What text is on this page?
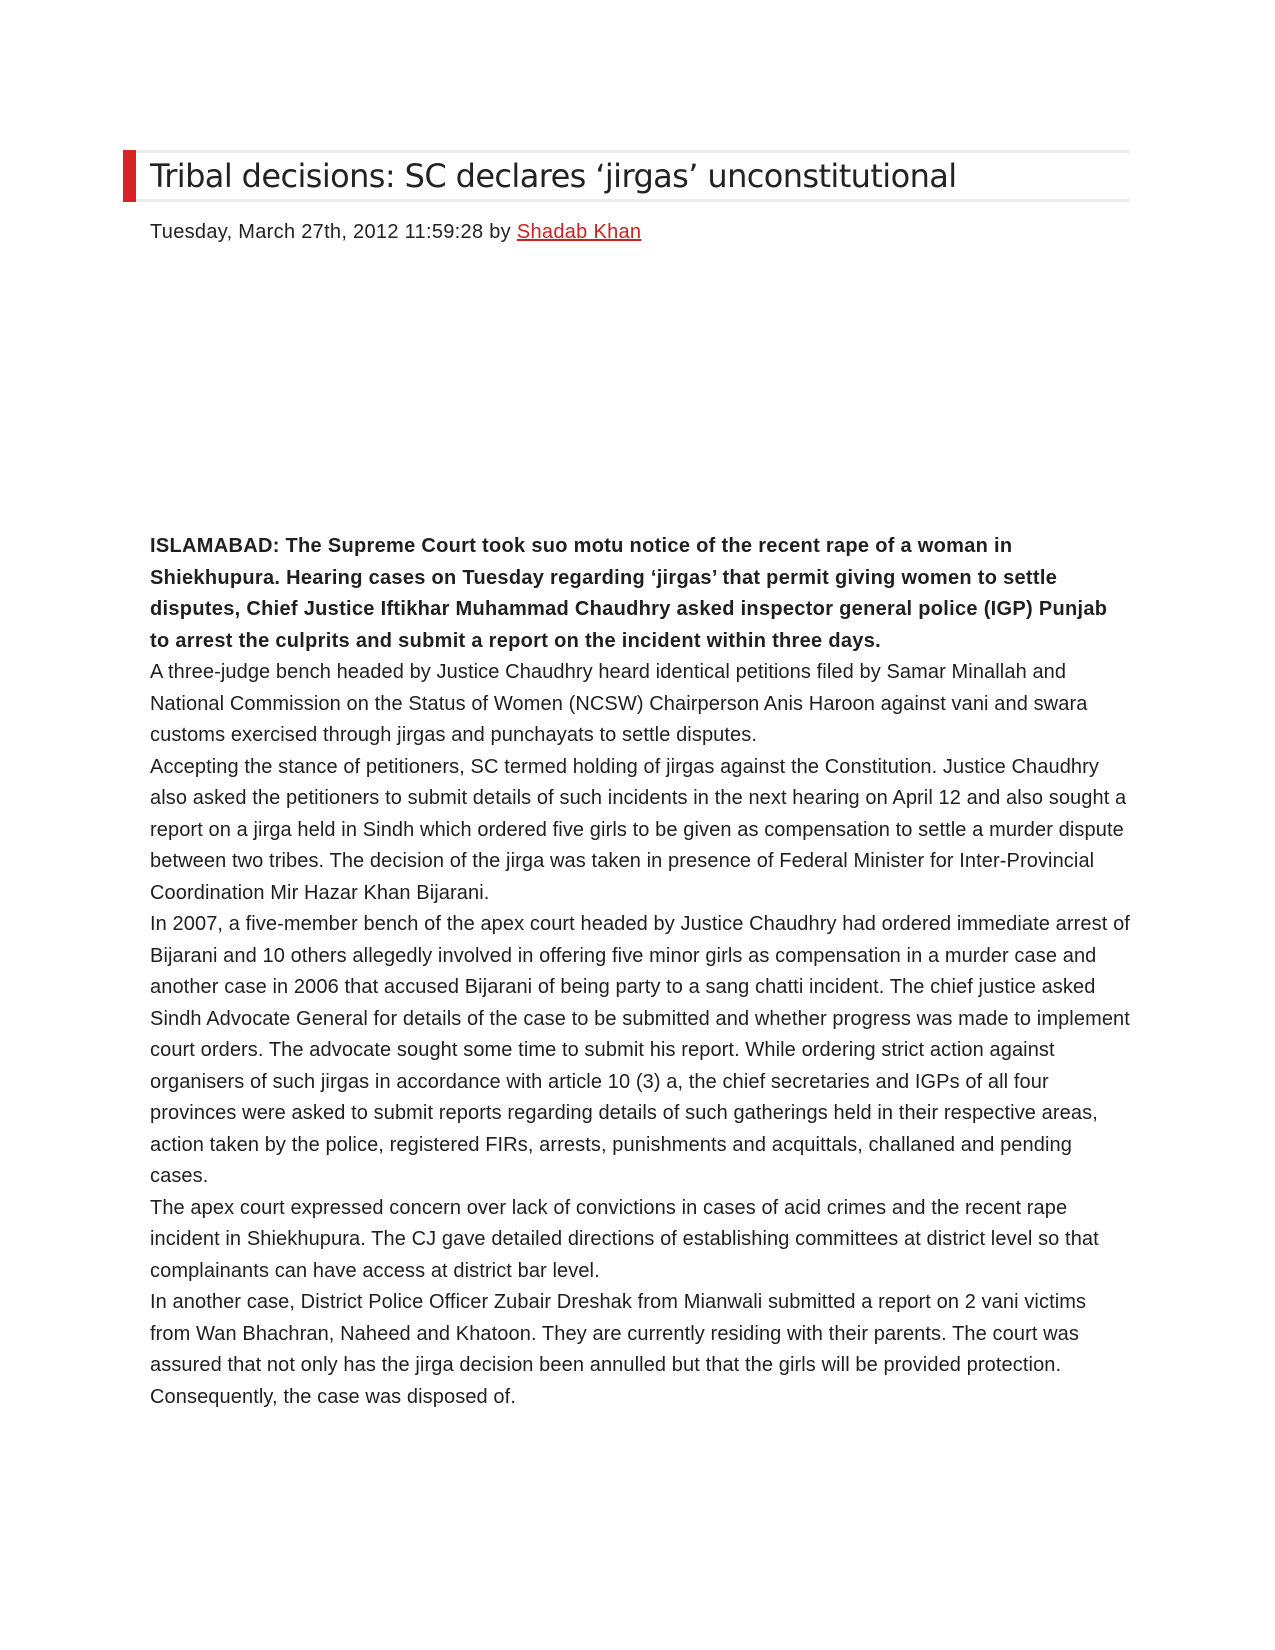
Tribal decisions: SC declares ‘jirgas’ unconstitutional
Tuesday, March 27th, 2012 11:59:28 by Shadab Khan

ISLAMABAD: The Supreme Court took suo motu notice of the recent rape of a woman in Shiekhupura. Hearing cases on Tuesday regarding ‘jirgas’ that permit giving women to settle disputes, Chief Justice Iftikhar Muhammad Chaudhry asked inspector general police (IGP) Punjab to arrest the culprits and submit a report on the incident within three days.

A three-judge bench headed by Justice Chaudhry heard identical petitions filed by Samar Minallah and National Commission on the Status of Women (NCSW) Chairperson Anis Haroon against vani and swara customs exercised through jirgas and punchayats to settle disputes.

Accepting the stance of petitioners, SC termed holding of jirgas against the Constitution. Justice Chaudhry also asked the petitioners to submit details of such incidents in the next hearing on April 12 and also sought a report on a jirga held in Sindh which ordered five girls to be given as compensation to settle a murder dispute between two tribes. The decision of the jirga was taken in presence of Federal Minister for Inter-Provincial Coordination Mir Hazar Khan Bijarani.

In 2007, a five-member bench of the apex court headed by Justice Chaudhry had ordered immediate arrest of Bijarani and 10 others allegedly involved in offering five minor girls as compensation in a murder case and another case in 2006 that accused Bijarani of being party to a sang chatti incident. The chief justice asked Sindh Advocate General for details of the case to be submitted and whether progress was made to implement court orders. The advocate sought some time to submit his report. While ordering strict action against organisers of such jirgas in accordance with article 10 (3) a, the chief secretaries and IGPs of all four provinces were asked to submit reports regarding details of such gatherings held in their respective areas, action taken by the police, registered FIRs, arrests, punishments and acquittals, challaned and pending cases.

The apex court expressed concern over lack of convictions in cases of acid crimes and the recent rape incident in Shiekhupura. The CJ gave detailed directions of establishing committees at district level so that complainants can have access at district bar level.

In another case, District Police Officer Zubair Dreshak from Mianwali submitted a report on 2 vani victims from Wan Bhachran, Naheed and Khatoon. They are currently residing with their parents. The court was assured that not only has the jirga decision been annulled but that the girls will be provided protection. Consequently, the case was disposed of.
